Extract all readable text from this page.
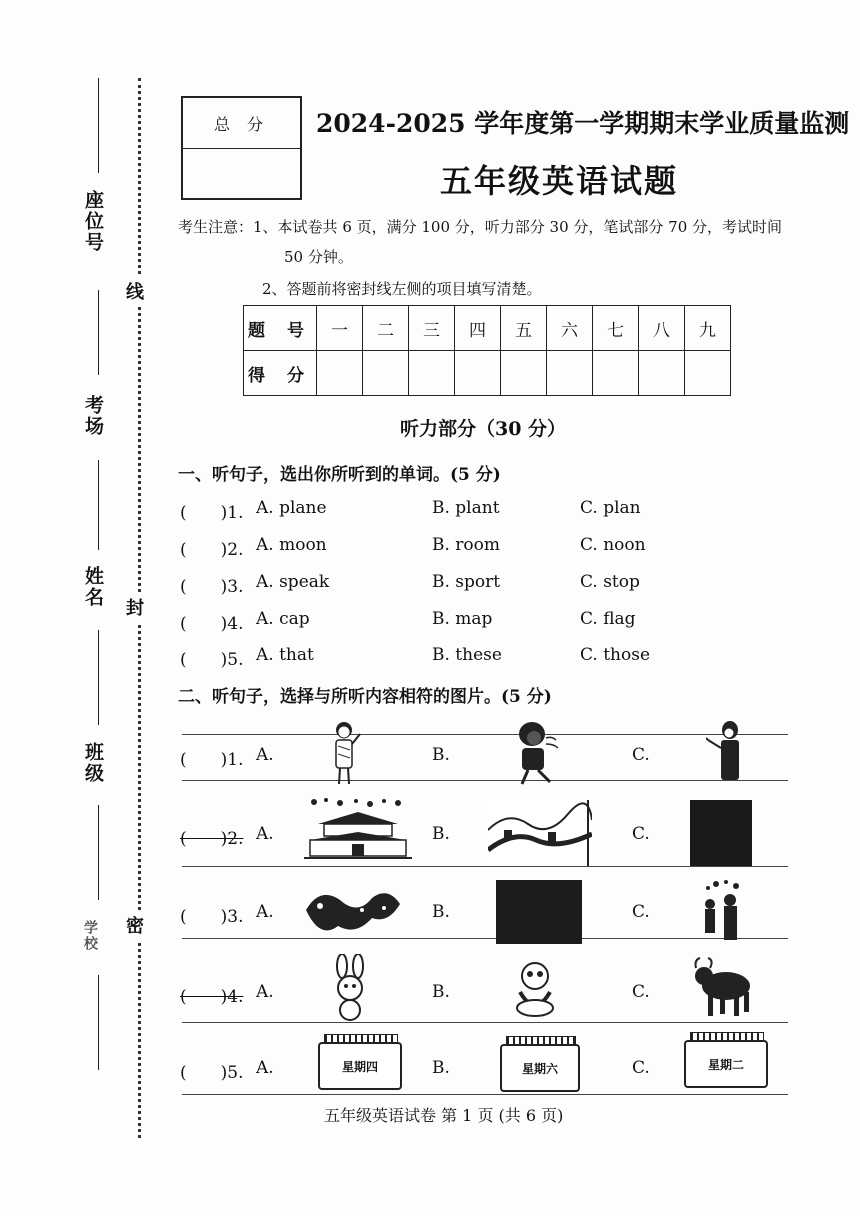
座位号
考场
姓名
班级
学校
线
封
密
总 分	2024-2025 学年度第一学期期末学业质量监测
五年级英语试题
考生注意：1、本试卷共 6 页，满分 100 分，听力部分 30 分，笔试部分 70 分，考试时间
50 分钟。
2、答题前将密封线左侧的项目填写清楚。
题 号	一	二	三	四	五	六	七	八	九
得 分									
听力部分（30 分）
一、听句子，选出你所听到的单词。(5 分)
(　　)1. A. plane	B. plant	C. plan
(　　)2. A. moon	B. room	C. noon
(　　)3. A. speak	B. sport	C. stop
(　　)4. A. cap	B. map	C. flag
(　　)5. A. that	B. these	C. those
二、听句子，选择与所听内容相符的图片。(5 分)
(　　)1. A.	B.	C.
(　　)2. A.	B.	C.
(　　)3. A.	B.	C.
(　　)4. A.	B.	C.
(　　)5. A.	B.	C.
星期四	星期六	星期二
五年级英语试卷 第 1 页 (共 6 页)
